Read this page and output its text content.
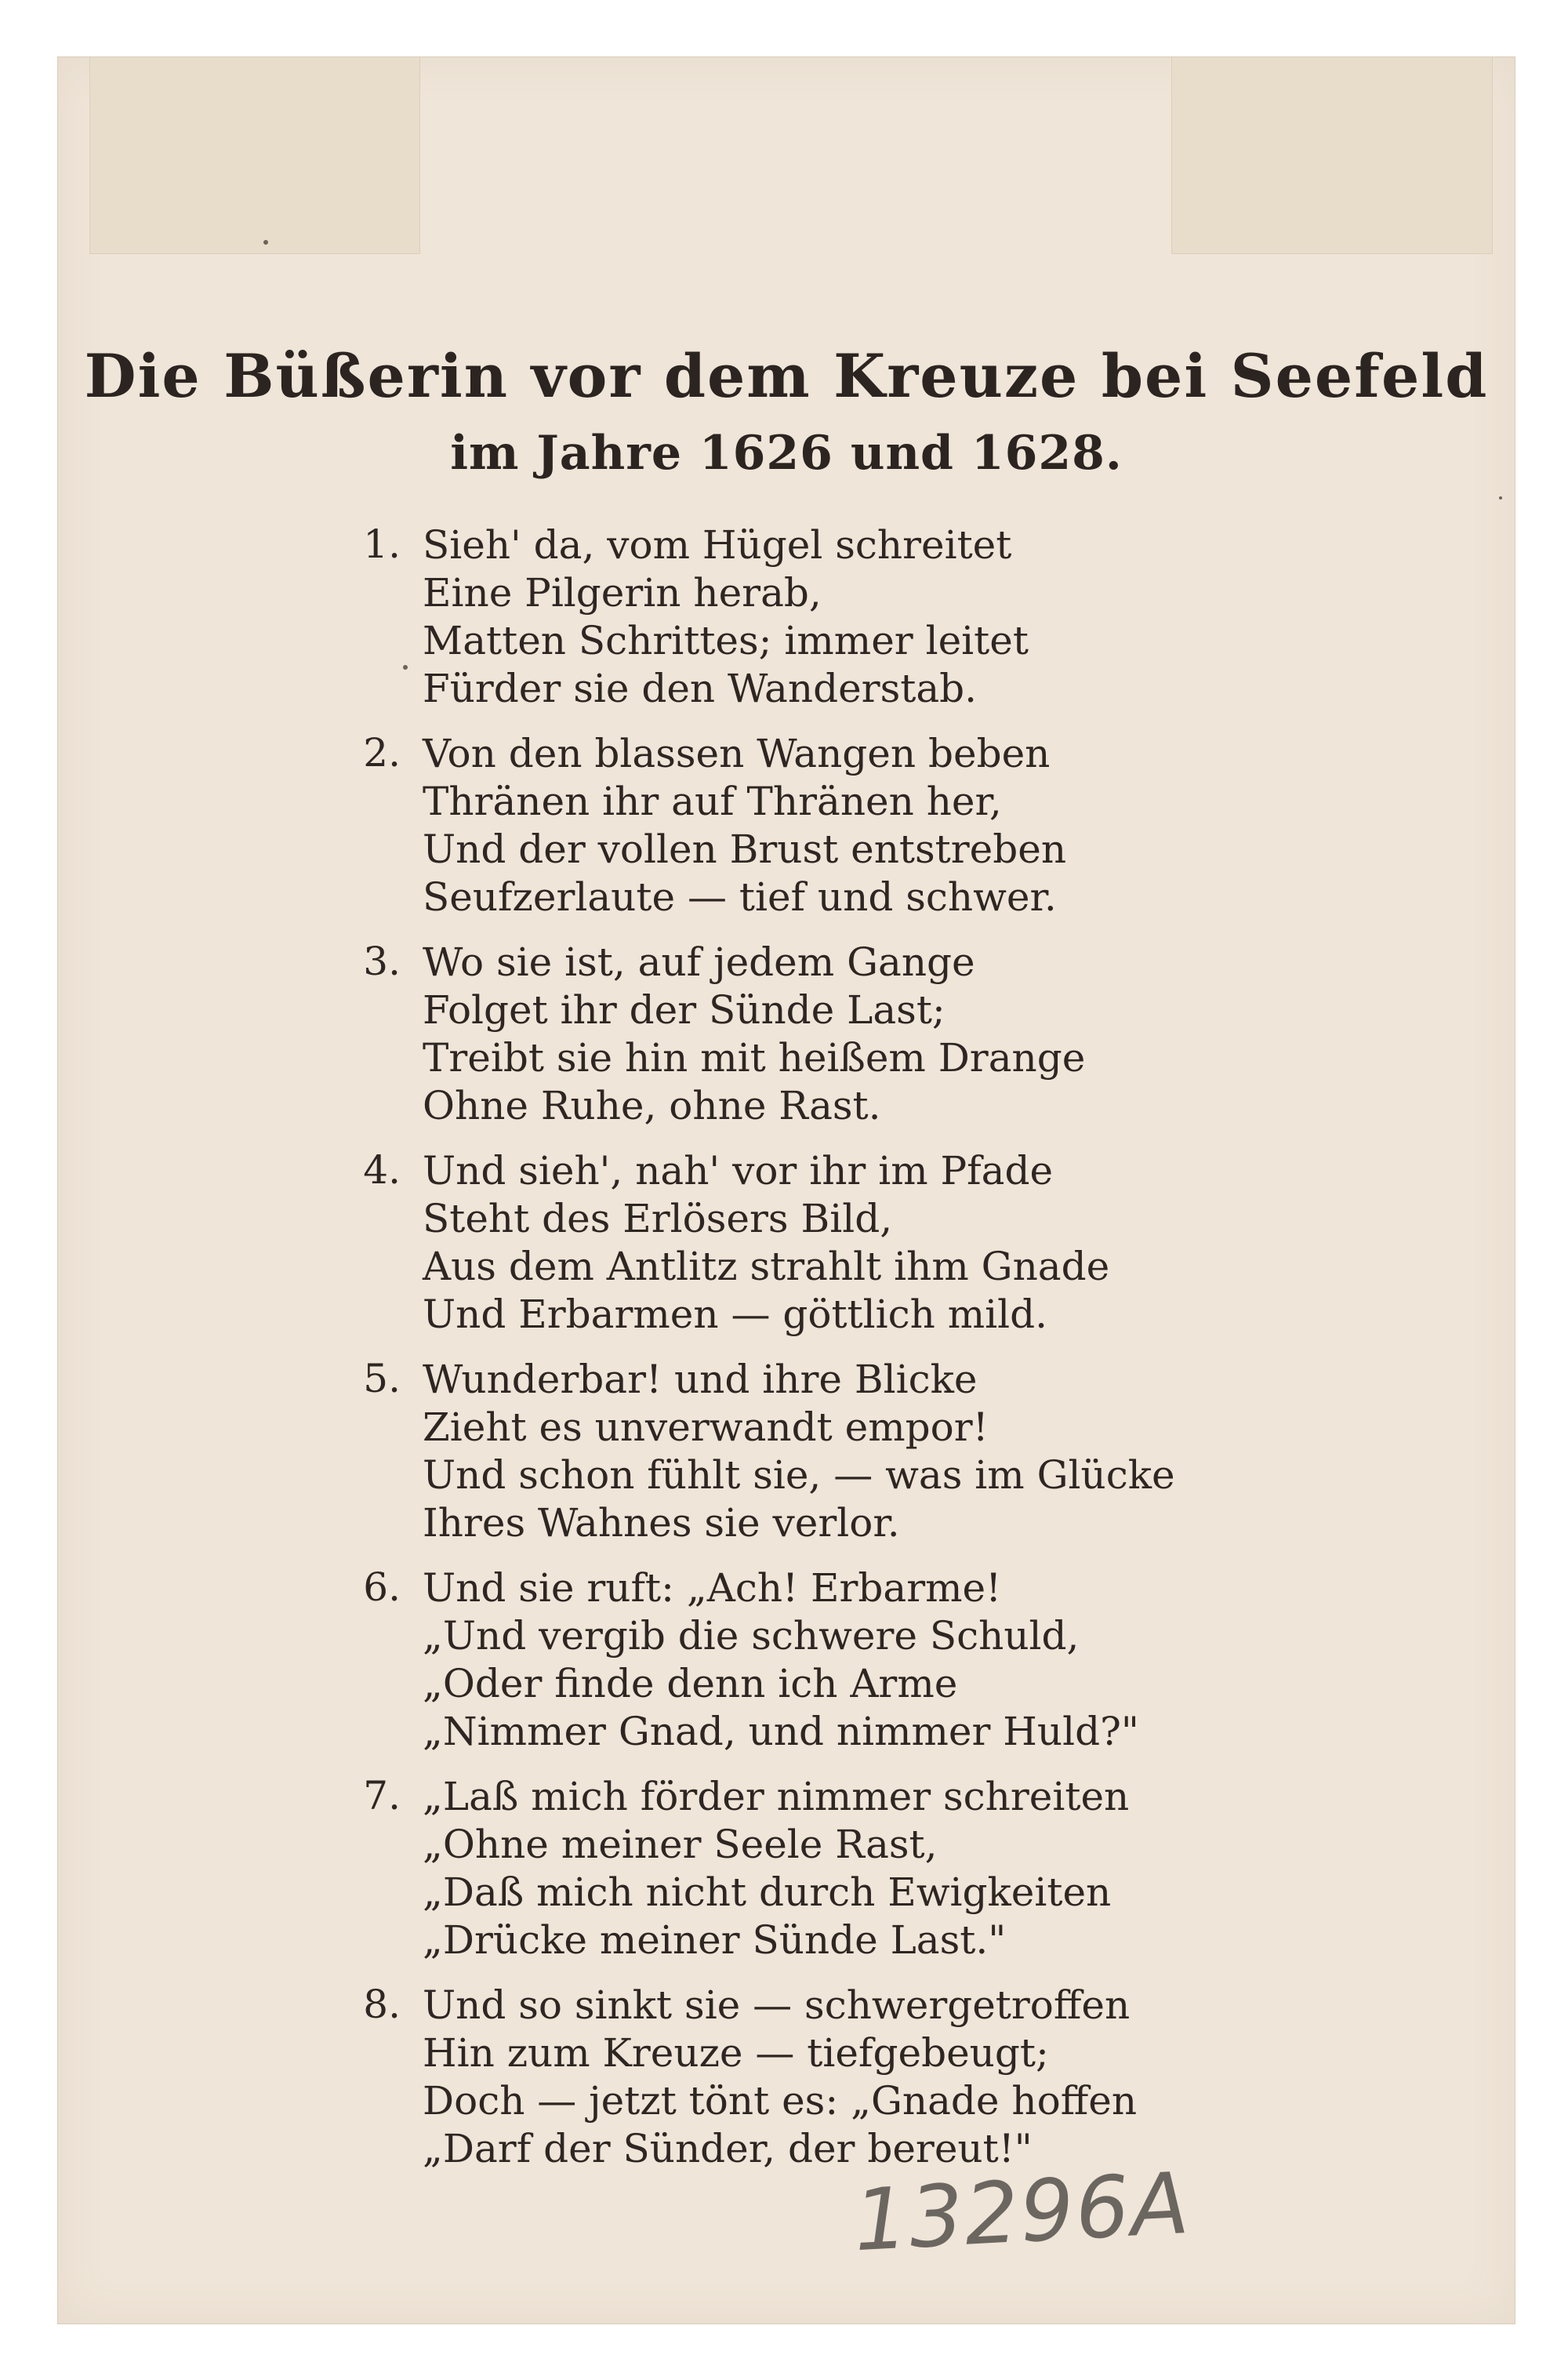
Die Büßerin vor dem Kreuze bei Seefeld
im Jahre 1626 und 1628.
1. Sieh' da, vom Hügel schreitet
Eine Pilgerin herab,
Matten Schrittes; immer leitet
Fürder sie den Wanderstab.
2. Von den blassen Wangen beben
Thränen ihr auf Thränen her,
Und der vollen Brust entstreben
Seufzerlaute — tief und schwer.
3. Wo sie ist, auf jedem Gange
Folget ihr der Sünde Last;
Treibt sie hin mit heißem Drange
Ohne Ruhe, ohne Rast.
4. Und sieh', nah' vor ihr im Pfade
Steht des Erlösers Bild,
Aus dem Antlitz strahlt ihm Gnade
Und Erbarmen — göttlich mild.
5. Wunderbar! und ihre Blicke
Zieht es unverwandt empor!
Und schon fühlt sie, — was im Glücke
Ihres Wahnes sie verlor.
6. Und sie ruft: „Ach! Erbarme!
„Und vergib die schwere Schuld,
„Oder finde denn ich Arme
„Nimmer Gnad, und nimmer Huld?"
7. „Laß mich förder nimmer schreiten
„Ohne meiner Seele Rast,
„Daß mich nicht durch Ewigkeiten
„Drücke meiner Sünde Last."
8. Und so sinkt sie — schwergetroffen
Hin zum Kreuze — tiefgebeugt;
Doch — jetzt tönt es: „Gnade hoffen
„Darf der Sünder, der bereut!"
13296A
